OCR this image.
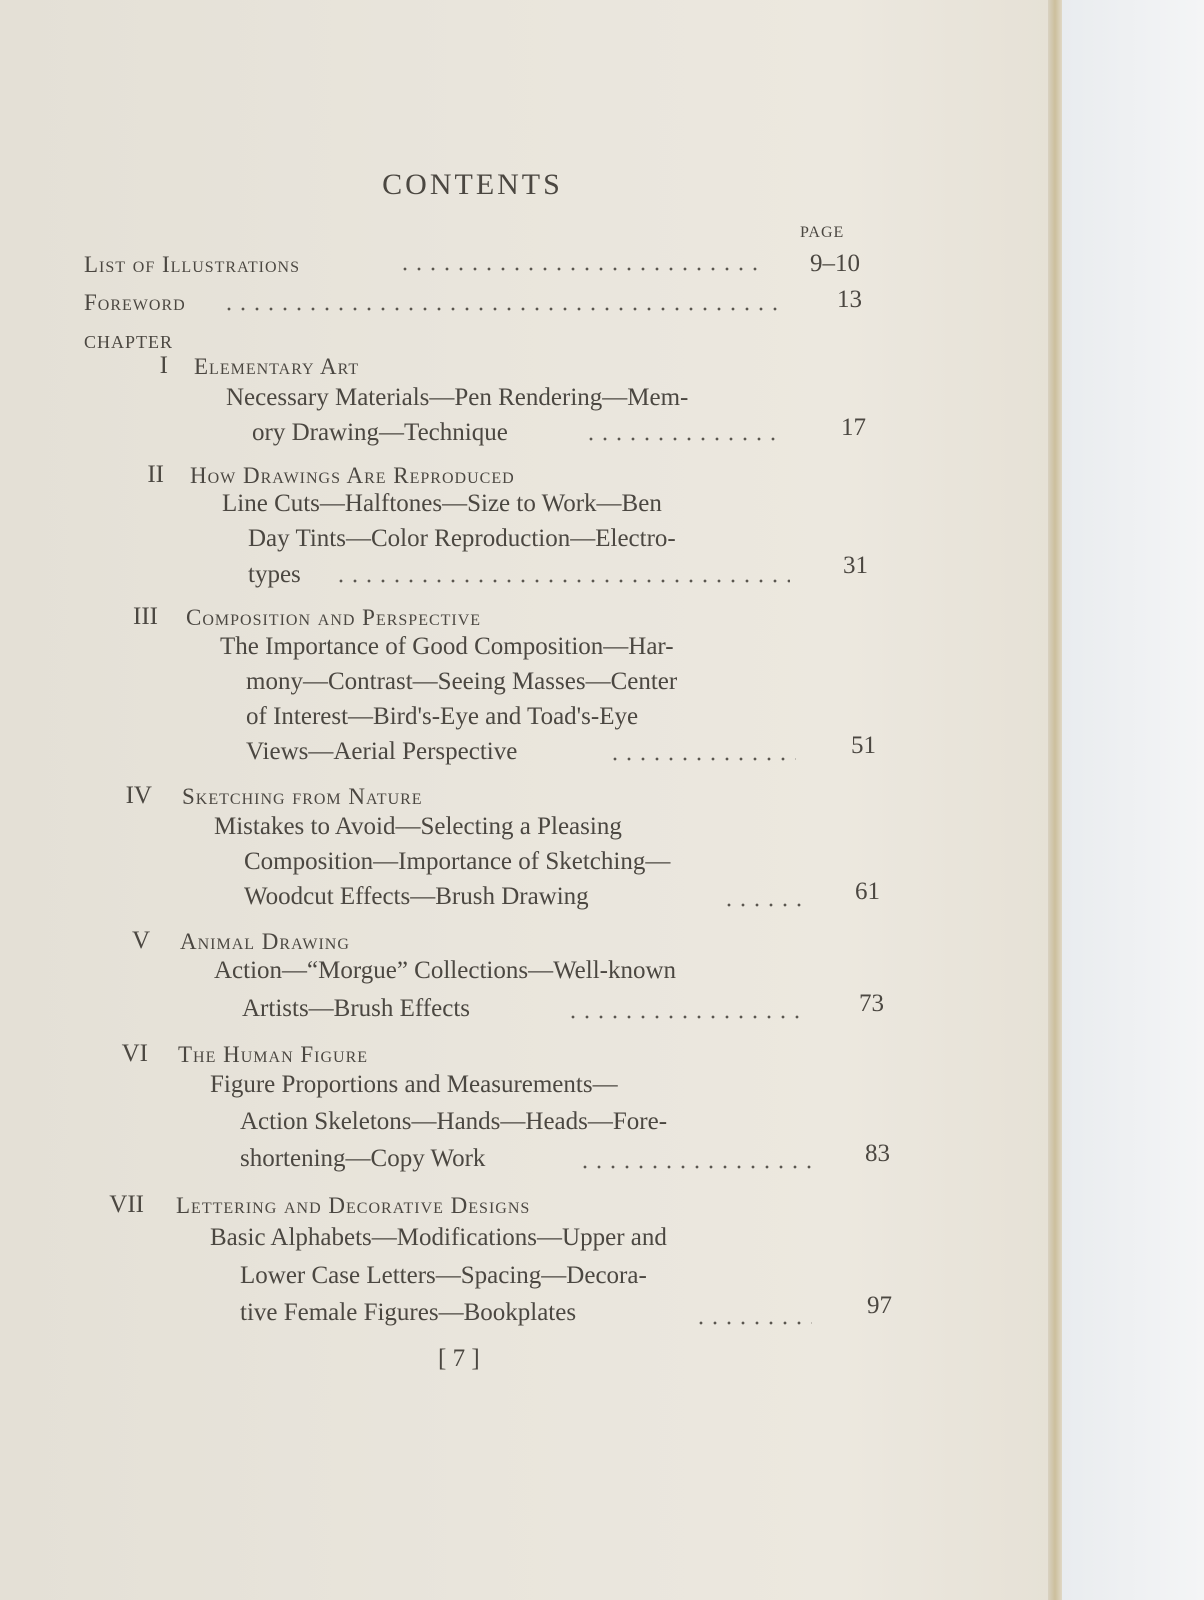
CONTENTS
PAGE
List of Illustrations	9–10
Foreword	13
CHAPTER
I Elementary Art
Necessary Materials—Pen Rendering—Mem-
ory Drawing—Technique	17
II How Drawings Are Reproduced
Line Cuts—Halftones—Size to Work—Ben
Day Tints—Color Reproduction—Electro-
types	31
III Composition and Perspective
The Importance of Good Composition—Har-
mony—Contrast—Seeing Masses—Center
of Interest—Bird's-Eye and Toad's-Eye
Views—Aerial Perspective	51
IV Sketching from Nature
Mistakes to Avoid—Selecting a Pleasing
Composition—Importance of Sketching—
Woodcut Effects—Brush Drawing	61
V Animal Drawing
Action—“Morgue” Collections—Well-known
Artists—Brush Effects	73
VI The Human Figure
Figure Proportions and Measurements—
Action Skeletons—Hands—Heads—Fore-
shortening—Copy Work	83
VII Lettering and Decorative Designs
Basic Alphabets—Modifications—Upper and
Lower Case Letters—Spacing—Decora-
tive Female Figures—Bookplates	97
[ 7 ]
